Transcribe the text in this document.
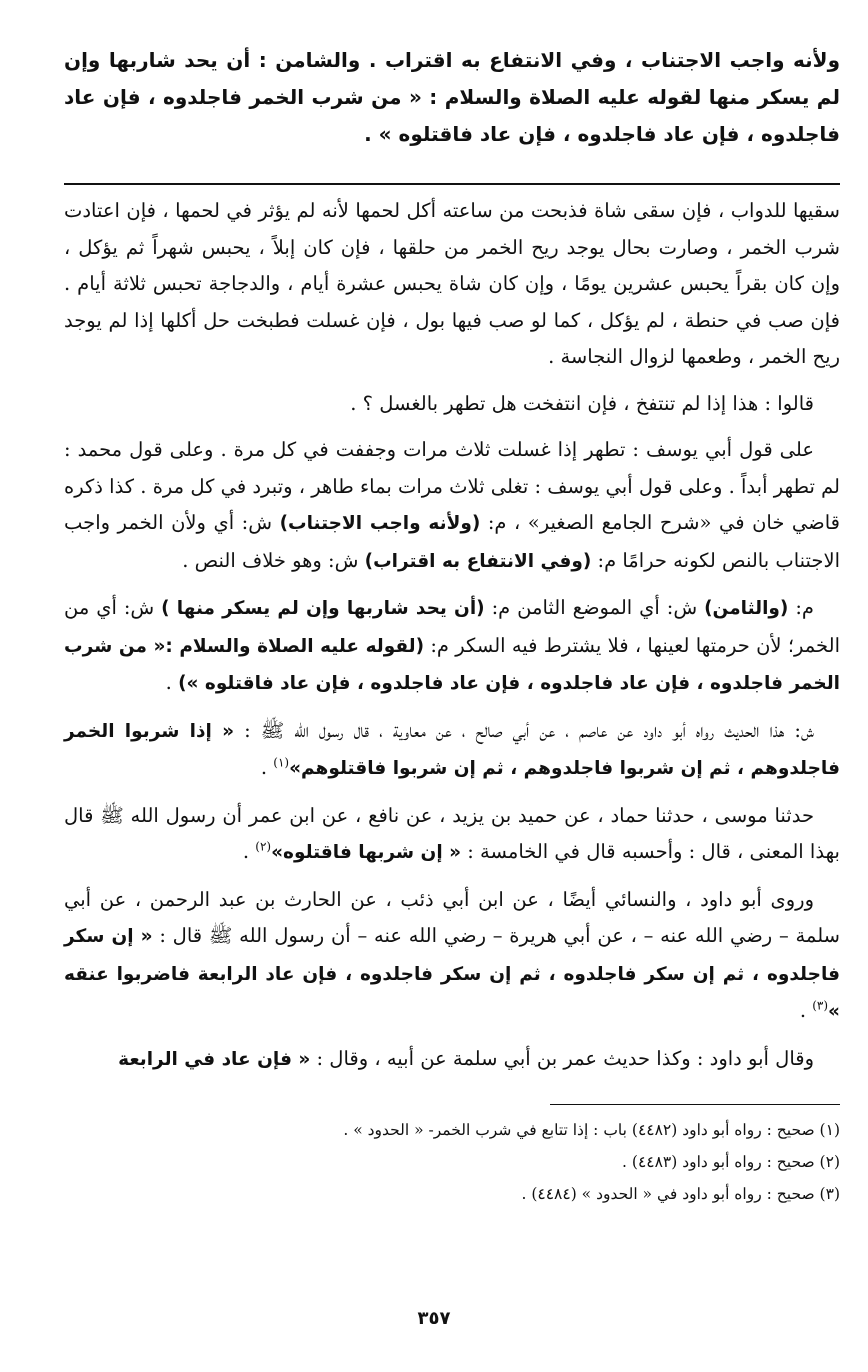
ولأنه واجب الاجتناب ، وفي الانتفاع به اقتراب . والشامن : أن يحد شاربها وإن لم يسكر منها لقوله عليه الصلاة والسلام : « من شرب الخمر فاجلدوه ، فإن عاد فاجلدوه ، فإن عاد فاجلدوه ، فإن عاد فاقتلوه » .

سقيها للدواب ، فإن سقى شاة فذبحت من ساعته أكل لحمها لأنه لم يؤثر في لحمها ، فإن اعتادت شرب الخمر ، وصارت بحال يوجد ريح الخمر من حلقها ، فإن كان إبلاً ، يحبس شهراً ثم يؤكل ، وإن كان بقراً يحبس عشرين يومًا ، وإن كان شاة يحبس عشرة أيام ، والدجاجة تحبس ثلاثة أيام . فإن صب في حنطة ، لم يؤكل ، كما لو صب فيها بول ، فإن غسلت فطبخت حل أكلها إذا لم يوجد ريح الخمر ، وطعمها لزوال النجاسة .

قالوا : هذا إذا لم تنتفخ ، فإن انتفخت هل تطهر بالغسل ؟ .

على قول أبي يوسف : تطهر إذا غسلت ثلاث مرات وجففت في كل مرة . وعلى قول محمد : لم تطهر أبداً . وعلى قول أبي يوسف : تغلى ثلاث مرات بماء طاهر ، وتبرد في كل مرة . كذا ذكره قاضي خان في «شرح الجامع الصغير» ، م: (ولأنه واجب الاجتناب) ش: أي ولأن الخمر واجب الاجتناب بالنص لكونه حرامًا م: (وفي الانتفاع به اقتراب) ش: وهو خلاف النص .

م: (والثامن) ش: أي الموضع الثامن م: (أن يحد شاربها وإن لم يسكر منها ) ش: أي من الخمر؛ لأن حرمتها لعينها ، فلا يشترط فيه السكر م: (لقوله عليه الصلاة والسلام :« من شرب الخمر فاجلدوه ، فإن عاد فاجلدوه ، فإن عاد فاجلدوه ، فإن عاد فاقتلوه ») .

ش: هذا الحديث رواه أبو داود عن عاصم ، عن أبي صالح ، عن معاوية ، قال رسول الله ﷺ : « إذا شربوا الخمر فاجلدوهم ، ثم إن شربوا فاجلدوهم ، ثم إن شربوا فاقتلوهم»$^{(١)}$ .

حدثنا موسى ، حدثنا حماد ، عن حميد بن يزيد ، عن نافع ، عن ابن عمر أن رسول الله ﷺ قال بهذا المعنى ، قال : وأحسبه قال في الخامسة : « إن شربها فاقتلوه»$^{(٢)}$ .

وروى أبو داود ، والنسائي أيضًا ، عن ابن أبي ذئب ، عن الحارث بن عبد الرحمن ، عن أبي سلمة – رضي الله عنه – ، عن أبي هريرة – رضي الله عنه – أن رسول الله ﷺ قال : « إن سكر فاجلدوه ، ثم إن سكر فاجلدوه ، ثم إن سكر فاجلدوه ، فإن عاد الرابعة فاضربوا عنقه »$^{(٣)}$ .

وقال أبو داود : وكذا حديث عمر بن أبي سلمة عن أبيه ، وقال : « فإن عاد في الرابعة

(١) صحيح : رواه أبو داود (٤٤٨٢) باب : إذا تتابع في شرب الخمر- « الحدود » .

(٢) صحيح : رواه أبو داود (٤٤٨٣) .

(٣) صحيح : رواه أبو داود في « الحدود » (٤٤٨٤) .

٣٥٧
